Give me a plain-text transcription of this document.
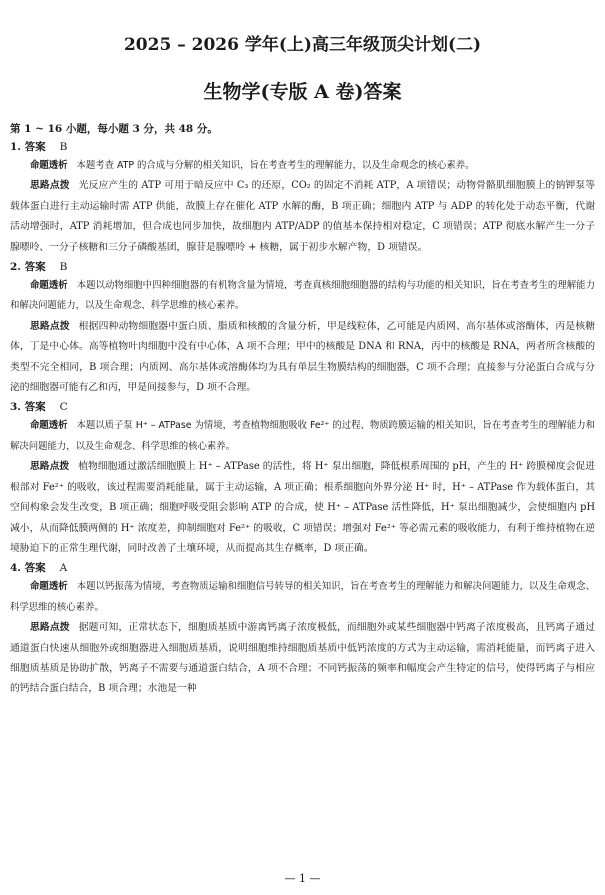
2025 – 2026 学年(上)高三年级顶尖计划(二)
生物学(专版 A 卷)答案
第 1 ~ 16 小题，每小题 3 分，共 48 分。
1. 答案 B

命题透析 本题考查 ATP 的合成与分解的相关知识，旨在考查考生的理解能力，以及生命观念的核心素养。

思路点拨 光反应产生的 ATP 可用于暗反应中 C₃ 的还原，CO₂ 的固定不消耗 ATP，A 项错误；动物骨骼肌细胞膜上的钠钾泵等载体蛋白进行主动运输时需 ATP 供能，故膜上存在催化 ATP 水解的酶，B 项正确；细胞内 ATP 与 ADP 的转化处于动态平衡，代谢活动增强时，ATP 消耗增加，但合成也同步加快，故细胞内 ATP/ADP 的值基本保持相对稳定，C 项错误；ATP 彻底水解产生一分子腺嘌呤、一分子核糖和三分子磷酸基团，腺苷是腺嘌呤 + 核糖，属于初步水解产物，D 项错误。

2. 答案 B

命题透析 本题以动物细胞中四种细胞器的有机物含量为情境，考查真核细胞细胞器的结构与功能的相关知识，旨在考查考生的理解能力和解决问题能力，以及生命观念、科学思维的核心素养。

思路点拨 根据四种动物细胞器中蛋白质、脂质和核酸的含量分析，甲是线粒体，乙可能是内质网、高尔基体或溶酶体，丙是核糖体，丁是中心体。高等植物叶肉细胞中没有中心体，A 项不合理；甲中的核酸是 DNA 和 RNA，丙中的核酸是 RNA，两者所含核酸的类型不完全相同，B 项合理；内质网、高尔基体或溶酶体均为具有单层生物膜结构的细胞器，C 项不合理；直接参与分泌蛋白合成与分泌的细胞器可能有乙和丙，甲是间接参与，D 项不合理。

3. 答案 C

命题透析 本题以质子泵 H⁺ – ATPase 为情境，考查植物细胞吸收 Fe²⁺ 的过程、物质跨膜运输的相关知识，旨在考查考生的理解能力和解决问题能力，以及生命观念、科学思维的核心素养。

思路点拨 植物细胞通过激活细胞膜上 H⁺ – ATPase 的活性，将 H⁺ 泵出细胞，降低根系周围的 pH，产生的 H⁺ 跨膜梯度会促进根部对 Fe²⁺ 的吸收，该过程需要消耗能量，属于主动运输，A 项正确；根系细胞向外界分泌 H⁺ 时，H⁺ – ATPase 作为载体蛋白，其空间构象会发生改变，B 项正确；细胞呼吸受阻会影响 ATP 的合成，使 H⁺ – ATPase 活性降低，H⁺ 泵出细胞减少，会使细胞内 pH 减小，从而降低膜两侧的 H⁺ 浓度差，抑制细胞对 Fe²⁺ 的吸收，C 项错误；增强对 Fe²⁺ 等必需元素的吸收能力，有利于维持植物在逆境胁迫下的正常生理代谢，同时改善了土壤环境，从而提高其生存概率，D 项正确。

4. 答案 A

命题透析 本题以钙振荡为情境，考查物质运输和细胞信号转导的相关知识，旨在考查考生的理解能力和解决问题能力，以及生命观念、科学思维的核心素养。

思路点拨 据题可知，正常状态下，细胞质基质中游离钙离子浓度极低，而细胞外或某些细胞器中钙离子浓度极高，且钙离子通过通道蛋白快速从细胞外或细胞器进入细胞质基质，说明细胞维持细胞质基质中低钙浓度的方式为主动运输，需消耗能量，而钙离子进入细胞质基质是协助扩散，钙离子不需要与通道蛋白结合，A 项不合理；不同钙振荡的频率和幅度会产生特定的信号，使得钙离子与相应的钙结合蛋白结合，B 项合理；水池是一种

— 1 —
